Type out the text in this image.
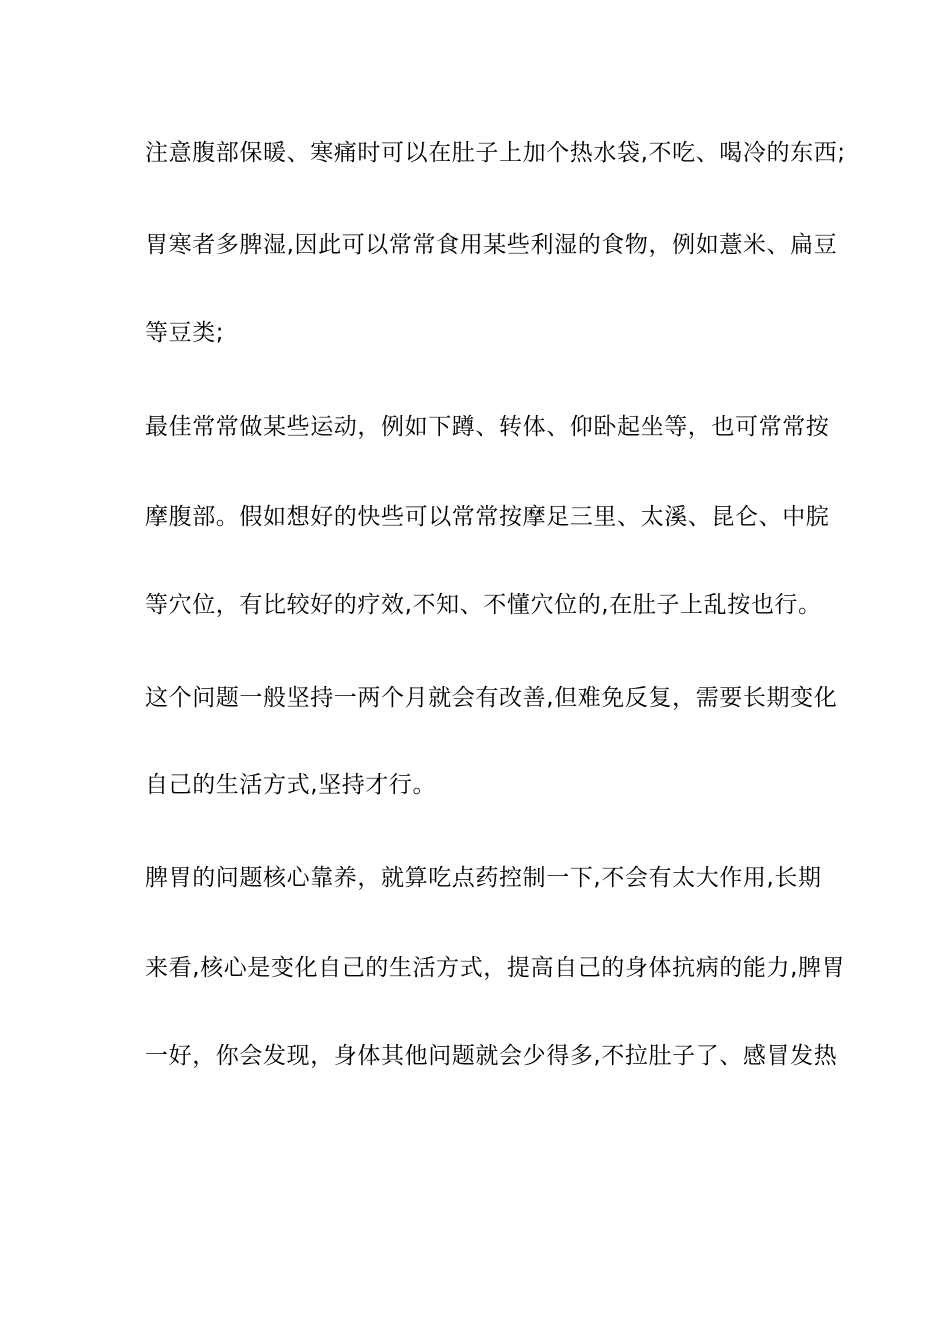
注意腹部保暖、寒痛时可以在肚子上加个热水袋,不吃、喝冷的东西;
胃寒者多脾湿,因此可以常常食用某些利湿的食物，例如薏米、扁豆
等豆类;
最佳常常做某些运动，例如下蹲、转体、仰卧起坐等，也可常常按
摩腹部。假如想好的快些可以常常按摩足三里、太溪、昆仑、中脘
等穴位，有比较好的疗效,不知、不懂穴位的,在肚子上乱按也行。
这个问题一般坚持一两个月就会有改善,但难免反复，需要长期变化
自己的生活方式,坚持才行。
脾胃的问题核心靠养，就算吃点药控制一下,不会有太大作用,长期
来看,核心是变化自己的生活方式，提高自己的身体抗病的能力,脾胃
一好，你会发现，身体其他问题就会少得多,不拉肚子了、感冒发热
